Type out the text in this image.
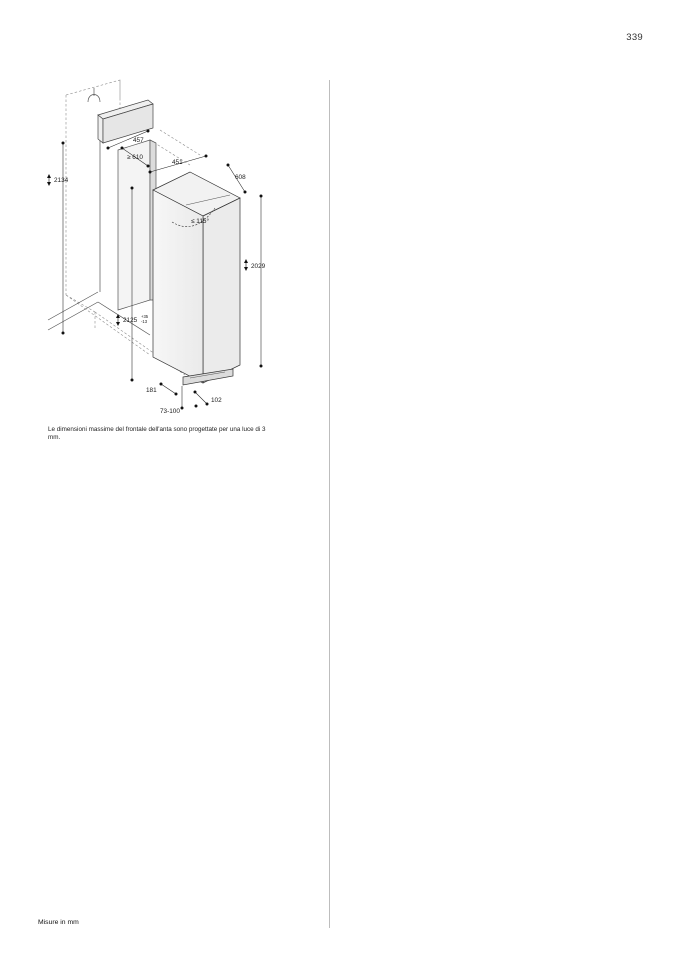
339
457
≥ 610
451
608
2134
≤ 115°
2029
2125
+35
-13
181
102
73-100
Le dimensioni massime del frontale dell'anta sono progettate per una luce di 3 mm.
Misure in mm
